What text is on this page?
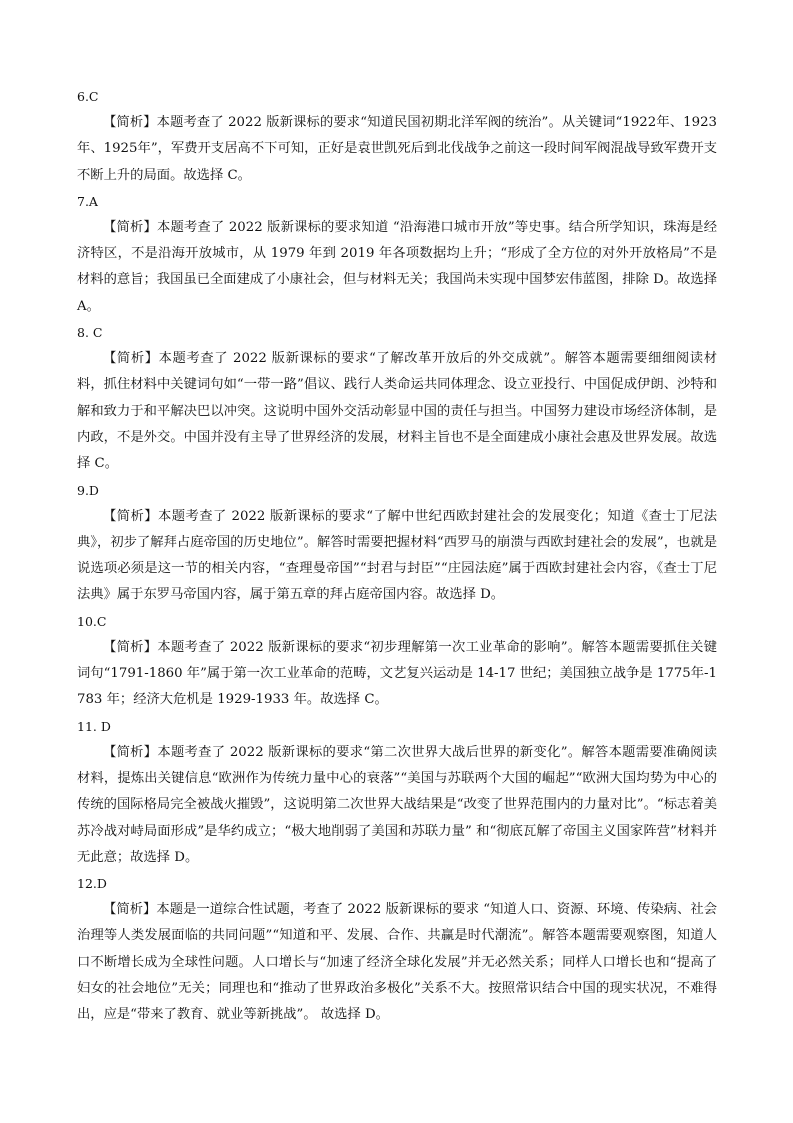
6.C

【简析】本题考查了 2022 版新课标的要求“知道民国初期北洋军阀的统治”。从关键词“1922年、1923年、1925年”，军费开支居高不下可知，正好是袁世凯死后到北伐战争之前这一段时间军阀混战导致军费开支不断上升的局面。故选择 C。

7.A

【简析】本题考查了 2022 版新课标的要求知道 “沿海港口城市开放”等史事。结合所学知识，珠海是经济特区，不是沿海开放城市，从 1979 年到 2019 年各项数据均上升；“形成了全方位的对外开放格局”不是材料的意旨；我国虽已全面建成了小康社会，但与材料无关；我国尚未实现中国梦宏伟蓝图，排除 D。故选择 A。

8. C

【简析】本题考查了 2022 版新课标的要求“了解改革开放后的外交成就”。解答本题需要细细阅读材料，抓住材料中关键词句如“一带一路”倡议、践行人类命运共同体理念、设立亚投行、中国促成伊朗、沙特和解和致力于和平解决巴以冲突。这说明中国外交活动彰显中国的责任与担当。中国努力建设市场经济体制，是内政，不是外交。中国并没有主导了世界经济的发展，材料主旨也不是全面建成小康社会惠及世界发展。故选择 C。

9.D

【简析】本题考查了 2022 版新课标的要求“了解中世纪西欧封建社会的发展变化；知道《查士丁尼法典》，初步了解拜占庭帝国的历史地位”。解答时需要把握材料“西罗马的崩溃与西欧封建社会的发展”，也就是说选项必须是这一节的相关内容，“查理曼帝国”“封君与封臣”“庄园法庭”属于西欧封建社会内容，《查士丁尼法典》属于东罗马帝国内容，属于第五章的拜占庭帝国内容。故选择 D。

10.C

【简析】本题考查了 2022 版新课标的要求“初步理解第一次工业革命的影响”。解答本题需要抓住关键词句“1791-1860 年”属于第一次工业革命的范畴，文艺复兴运动是 14-17 世纪；美国独立战争是 1775年-1783 年；经济大危机是 1929-1933 年。故选择 C。

11. D

【简析】本题考查了 2022 版新课标的要求“第二次世界大战后世界的新变化”。解答本题需要准确阅读材料，提炼出关键信息“欧洲作为传统力量中心的衰落”“美国与苏联两个大国的崛起”“欧洲大国均势为中心的传统的国际格局完全被战火摧毁”，这说明第二次世界大战结果是“改变了世界范围内的力量对比”。“标志着美苏冷战对峙局面形成”是华约成立；“极大地削弱了美国和苏联力量” 和“彻底瓦解了帝国主义国家阵营”材料并无此意；故选择 D。

12.D

【简析】本题是一道综合性试题，考查了 2022 版新课标的要求 “知道人口、资源、环境、传染病、社会治理等人类发展面临的共同问题”“知道和平、发展、合作、共赢是时代潮流”。解答本题需要观察图，知道人口不断增长成为全球性问题。人口增长与“加速了经济全球化发展”并无必然关系；同样人口增长也和“提高了妇女的社会地位”无关；同理也和“推动了世界政治多极化”关系不大。按照常识结合中国的现实状况，不难得出，应是“带来了教育、就业等新挑战”。 故选择 D。
